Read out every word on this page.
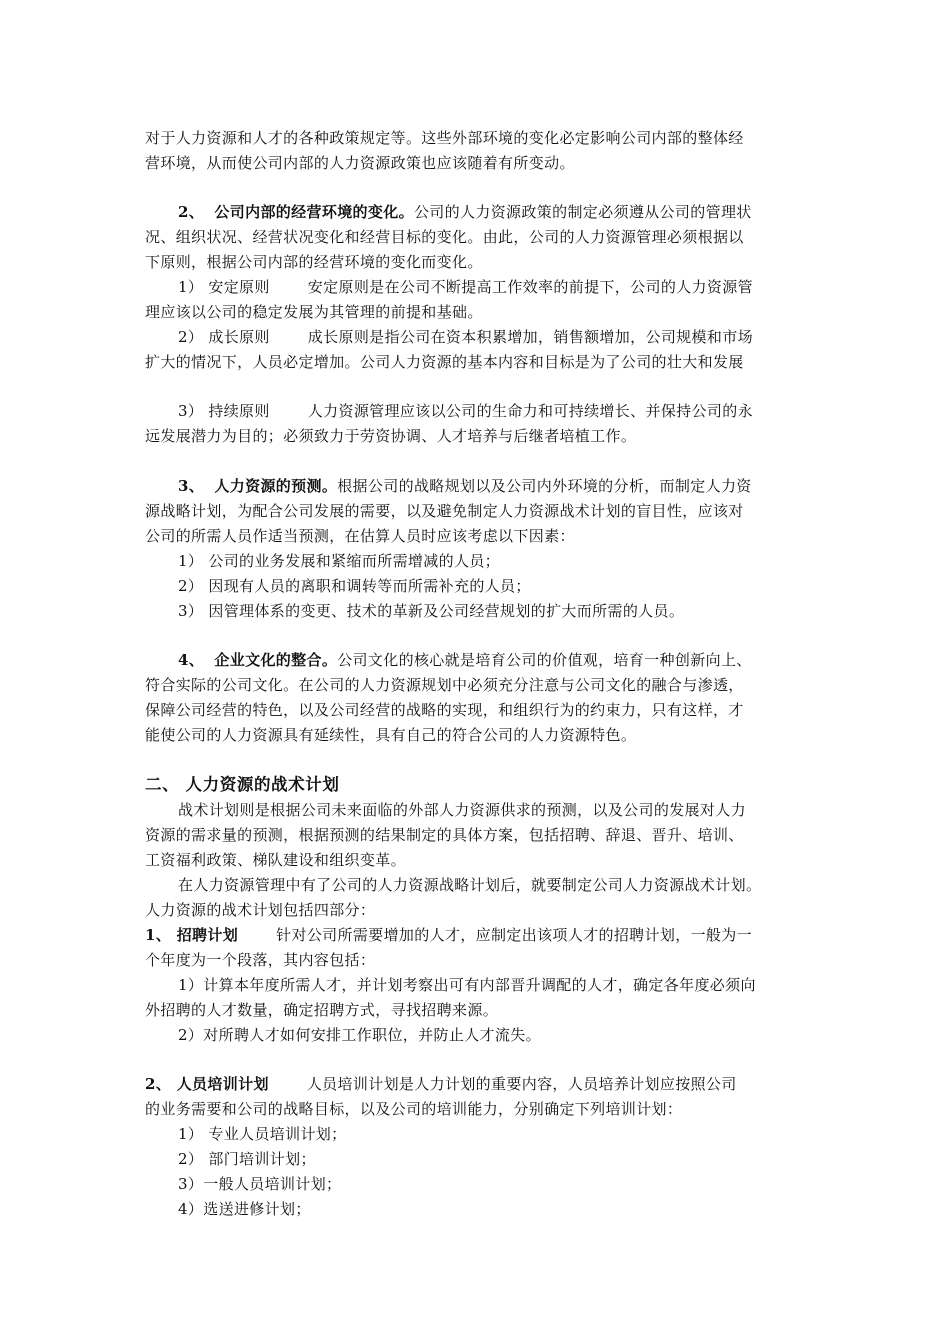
对于人力资源和人才的各种政策规定等。这些外部环境的变化必定影响公司内部的整体经
营环境，从而使公司内部的人力资源政策也应该随着有所变动。
2、 公司内部的经营环境的变化。公司的人力资源政策的制定必须遵从公司的管理状
况、组织状况、经营状况变化和经营目标的变化。由此，公司的人力资源管理必须根据以
下原则，根据公司内部的经营环境的变化而变化。
1） 安定原则	安定原则是在公司不断提高工作效率的前提下，公司的人力资源管
理应该以公司的稳定发展为其管理的前提和基础。
2） 成长原则	成长原则是指公司在资本积累增加，销售额增加，公司规模和市场
扩大的情况下，人员必定增加。公司人力资源的基本内容和目标是为了公司的壮大和发展
3） 持续原则	人力资源管理应该以公司的生命力和可持续增长、并保持公司的永
远发展潜力为目的；必须致力于劳资协调、人才培养与后继者培植工作。
3、 人力资源的预测。根据公司的战略规划以及公司内外环境的分析，而制定人力资
源战略计划，为配合公司发展的需要，以及避免制定人力资源战术计划的盲目性，应该对
公司的所需人员作适当预测，在估算人员时应该考虑以下因素：
1） 公司的业务发展和紧缩而所需增减的人员；
2） 因现有人员的离职和调转等而所需补充的人员；
3） 因管理体系的变更、技术的革新及公司经营规划的扩大而所需的人员。
4、 企业文化的整合。公司文化的核心就是培育公司的价值观，培育一种创新向上、
符合实际的公司文化。在公司的人力资源规划中必须充分注意与公司文化的融合与渗透，
保障公司经营的特色，以及公司经营的战略的实现，和组织行为的约束力，只有这样，才
能使公司的人力资源具有延续性，具有自己的符合公司的人力资源特色。
二、 人力资源的战术计划
战术计划则是根据公司未来面临的外部人力资源供求的预测，以及公司的发展对人力
资源的需求量的预测，根据预测的结果制定的具体方案，包括招聘、辞退、晋升、培训、
工资福利政策、梯队建设和组织变革。
在人力资源管理中有了公司的人力资源战略计划后，就要制定公司人力资源战术计划。
人力资源的战术计划包括四部分：
1、 招聘计划	针对公司所需要增加的人才，应制定出该项人才的招聘计划，一般为一
个年度为一个段落，其内容包括：
1）计算本年度所需人才，并计划考察出可有内部晋升调配的人才，确定各年度必须向
外招聘的人才数量，确定招聘方式，寻找招聘来源。
2）对所聘人才如何安排工作职位，并防止人才流失。
2、 人员培训计划	人员培训计划是人力计划的重要内容，人员培养计划应按照公司
的业务需要和公司的战略目标，以及公司的培训能力，分别确定下列培训计划：
1） 专业人员培训计划；
2） 部门培训计划；
3）一般人员培训计划；
4）选送进修计划；
